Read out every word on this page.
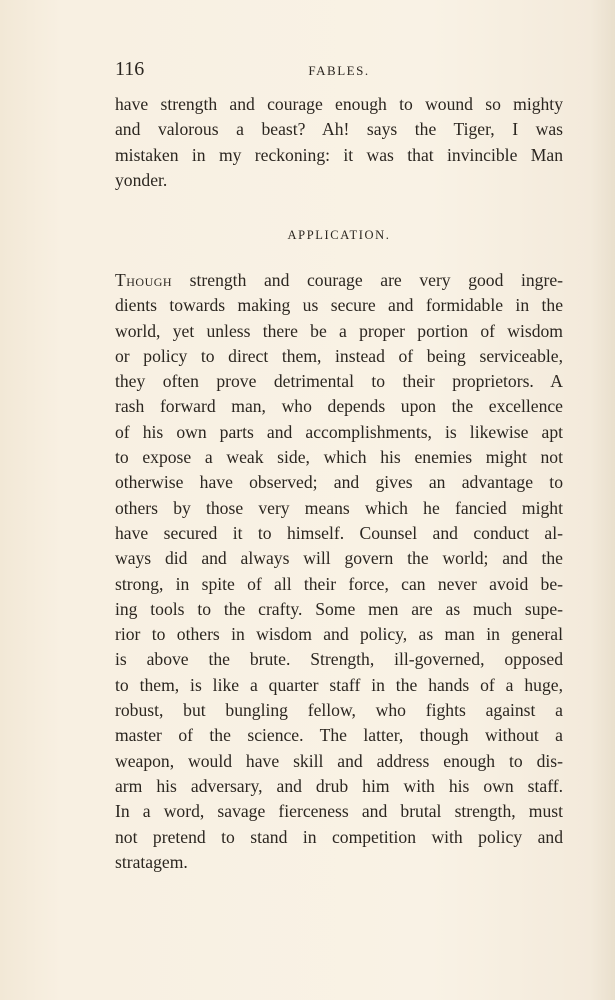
116	FABLES.

have strength and courage enough to wound so mighty
and valorous a beast? Ah! says the Tiger, I was
mistaken in my reckoning: it was that invincible Man
yonder.

APPLICATION.

Though strength and courage are very good ingre-
dients towards making us secure and formidable in the
world, yet unless there be a proper portion of wisdom
or policy to direct them, instead of being serviceable,
they often prove detrimental to their proprietors. A
rash forward man, who depends upon the excellence
of his own parts and accomplishments, is likewise apt
to expose a weak side, which his enemies might not
otherwise have observed; and gives an advantage to
others by those very means which he fancied might
have secured it to himself. Counsel and conduct al-
ways did and always will govern the world; and the
strong, in spite of all their force, can never avoid be-
ing tools to the crafty. Some men are as much supe-
rior to others in wisdom and policy, as man in general
is above the brute. Strength, ill-governed, opposed
to them, is like a quarter staff in the hands of a huge,
robust, but bungling fellow, who fights against a
master of the science. The latter, though without a
weapon, would have skill and address enough to dis-
arm his adversary, and drub him with his own staff.
In a word, savage fierceness and brutal strength, must
not pretend to stand in competition with policy and
stratagem.
